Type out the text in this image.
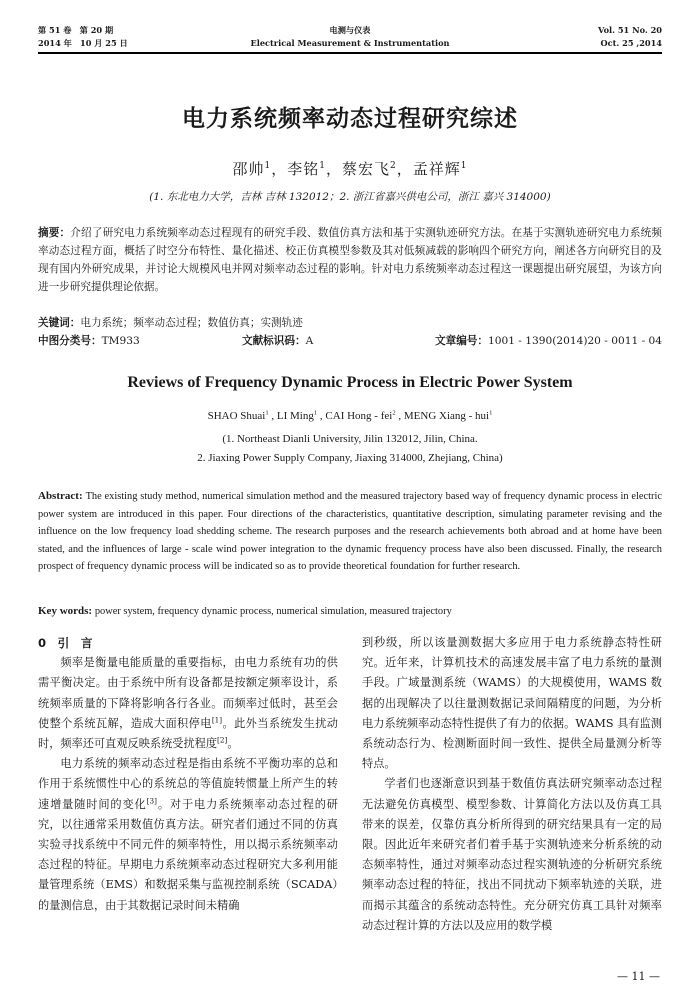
第 51 卷　第 20 期
2014 年　10 月 25 日
电测与仪表
Electrical Measurement & Instrumentation
Vol. 51 No. 20
Oct. 25 ,2014
电力系统频率动态过程研究综述
邵帅$^1$，李铭$^1$，蔡宏飞$^2$，孟祥辉$^1$
(1. 东北电力大学，吉林 吉林 132012；2. 浙江省嘉兴供电公司，浙江 嘉兴 314000)
摘要：介绍了研究电力系统频率动态过程现有的研究手段、数值仿真方法和基于实测轨迹研究方法。在基于实测轨迹研究电力系统频率动态过程方面，概括了时空分布特性、量化描述、校正仿真模型参数及其对低频减载的影响四个研究方向，阐述各方向研究目的及现有国内外研究成果，并讨论大规模风电并网对频率动态过程的影响。针对电力系统频率动态过程这一课题提出研究展望，为该方向进一步研究提供理论依据。
关键词：电力系统；频率动态过程；数值仿真；实测轨迹
中图分类号：TM933	文献标识码：A	文章编号：1001 - 1390(2014)20 - 0011 - 04
Reviews of Frequency Dynamic Process in Electric Power System
SHAO Shuai$^1$ , LI Ming$^1$ , CAI Hong - fei$^2$ , MENG Xiang - hui$^1$
(1. Northeast Dianli University, Jilin 132012, Jilin, China.
2. Jiaxing Power Supply Company, Jiaxing 314000, Zhejiang, China)
Abstract: The existing study method, numerical simulation method and the measured trajectory based way of frequency dynamic process in electric power system are introduced in this paper. Four directions of the characteristics, quantitative description, simulating parameter revising and the influence on the low frequency load shedding scheme. The research purposes and the research achievements both abroad and at home have been stated, and the influences of large - scale wind power integration to the dynamic frequency process have also been discussed. Finally, the research prospect of frequency dynamic process will be indicated so as to provide theoretical foundation for further research.
Key words: power system, frequency dynamic process, numerical simulation, measured trajectory
0　引　言

频率是衡量电能质量的重要指标，由电力系统有功的供需平衡决定。由于系统中所有设备都是按额定频率设计，系统频率质量的下降将影响各行各业。而频率过低时，甚至会使整个系统瓦解，造成大面积停电[1]。此外当系统发生扰动时，频率还可直观反映系统受扰程度[2]。

电力系统的频率动态过程是指由系统不平衡功率的总和作用于系统惯性中心的系统总的等值旋转惯量上所产生的转速增量随时间的变化[3]。对于电力系统频率动态过程的研究，以往通常采用数值仿真方法。研究者们通过不同的仿真实验寻找系统中不同元件的频率特性，用以揭示系统频率动态过程的特征。早期电力系统频率动态过程研究大多利用能量管理系统（EMS）和数据采集与监视控制系统（SCADA）的量测信息，由于其数据记录时间未精确

到秒级，所以该量测数据大多应用于电力系统静态特性研究。近年来，计算机技术的高速发展丰富了电力系统的量测手段。广域量测系统（WAMS）的大规模使用，WAMS 数据的出现解决了以往量测数据记录间隔精度的问题，为分析电力系统频率动态特性提供了有力的依据。WAMS 具有监测系统动态行为、检测断面时间一致性、提供全局量测分析等特点。

学者们也逐渐意识到基于数值仿真法研究频率动态过程无法避免仿真模型、模型参数、计算简化方法以及仿真工具带来的误差，仅靠仿真分析所得到的研究结果具有一定的局限。因此近年来研究者们着手基于实测轨迹来分析系统的动态频率特性，通过对频率动态过程实测轨迹的分析研究系统频率动态过程的特征，找出不同扰动下频率轨迹的关联，进而揭示其蕴含的系统动态特性。充分研究仿真工具针对频率动态过程计算的方法以及应用的数学模

— 11 —
